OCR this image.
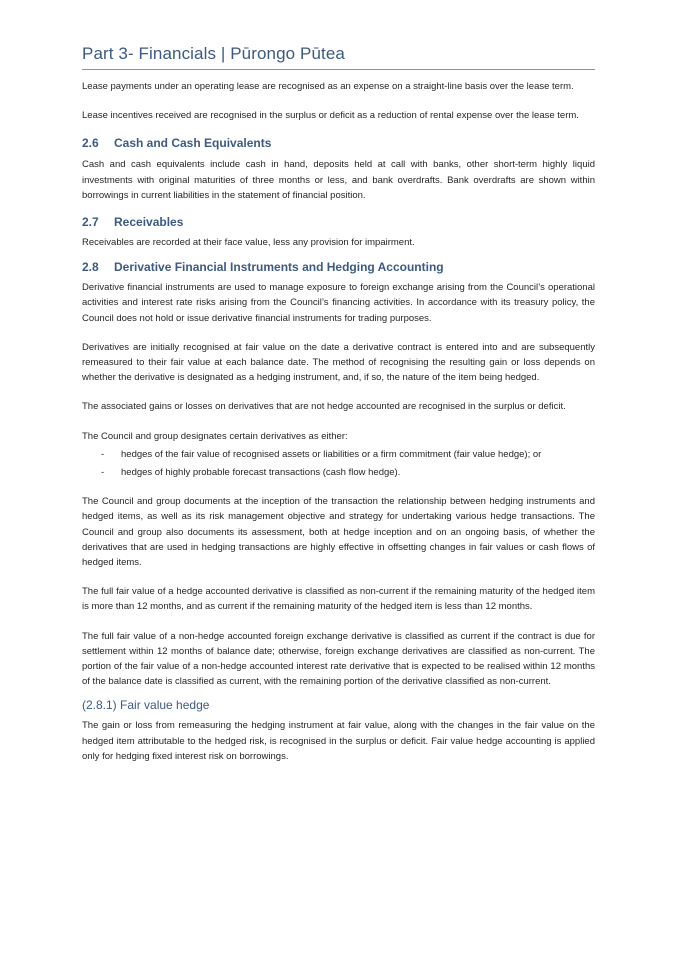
Part 3- Financials | Pūrongo Pūtea

Lease payments under an operating lease are recognised as an expense on a straight-line basis over the lease term.

Lease incentives received are recognised in the surplus or deficit as a reduction of rental expense over the lease term.

2.6	Cash and Cash Equivalents

Cash and cash equivalents include cash in hand, deposits held at call with banks, other short-term highly liquid investments with original maturities of three months or less, and bank overdrafts. Bank overdrafts are shown within borrowings in current liabilities in the statement of financial position.

2.7	Receivables

Receivables are recorded at their face value, less any provision for impairment.

2.8	Derivative Financial Instruments and Hedging Accounting

Derivative financial instruments are used to manage exposure to foreign exchange arising from the Council’s operational activities and interest rate risks arising from the Council’s financing activities. In accordance with its treasury policy, the Council does not hold or issue derivative financial instruments for trading purposes.

Derivatives are initially recognised at fair value on the date a derivative contract is entered into and are subsequently remeasured to their fair value at each balance date. The method of recognising the resulting gain or loss depends on whether the derivative is designated as a hedging instrument, and, if so, the nature of the item being hedged.

The associated gains or losses on derivatives that are not hedge accounted are recognised in the surplus or deficit.

The Council and group designates certain derivatives as either:

- hedges of the fair value of recognised assets or liabilities or a firm commitment (fair value hedge); or
- hedges of highly probable forecast transactions (cash flow hedge).

The Council and group documents at the inception of the transaction the relationship between hedging instruments and hedged items, as well as its risk management objective and strategy for undertaking various hedge transactions. The Council and group also documents its assessment, both at hedge inception and on an ongoing basis, of whether the derivatives that are used in hedging transactions are highly effective in offsetting changes in fair values or cash flows of hedged items.

The full fair value of a hedge accounted derivative is classified as non-current if the remaining maturity of the hedged item is more than 12 months, and as current if the remaining maturity of the hedged item is less than 12 months.

The full fair value of a non-hedge accounted foreign exchange derivative is classified as current if the contract is due for settlement within 12 months of balance date; otherwise, foreign exchange derivatives are classified as non-current. The portion of the fair value of a non-hedge accounted interest rate derivative that is expected to be realised within 12 months of the balance date is classified as current, with the remaining portion of the derivative classified as non-current.

(2.8.1) Fair value hedge

The gain or loss from remeasuring the hedging instrument at fair value, along with the changes in the fair value on the hedged item attributable to the hedged risk, is recognised in the surplus or deficit. Fair value hedge accounting is applied only for hedging fixed interest risk on borrowings.
